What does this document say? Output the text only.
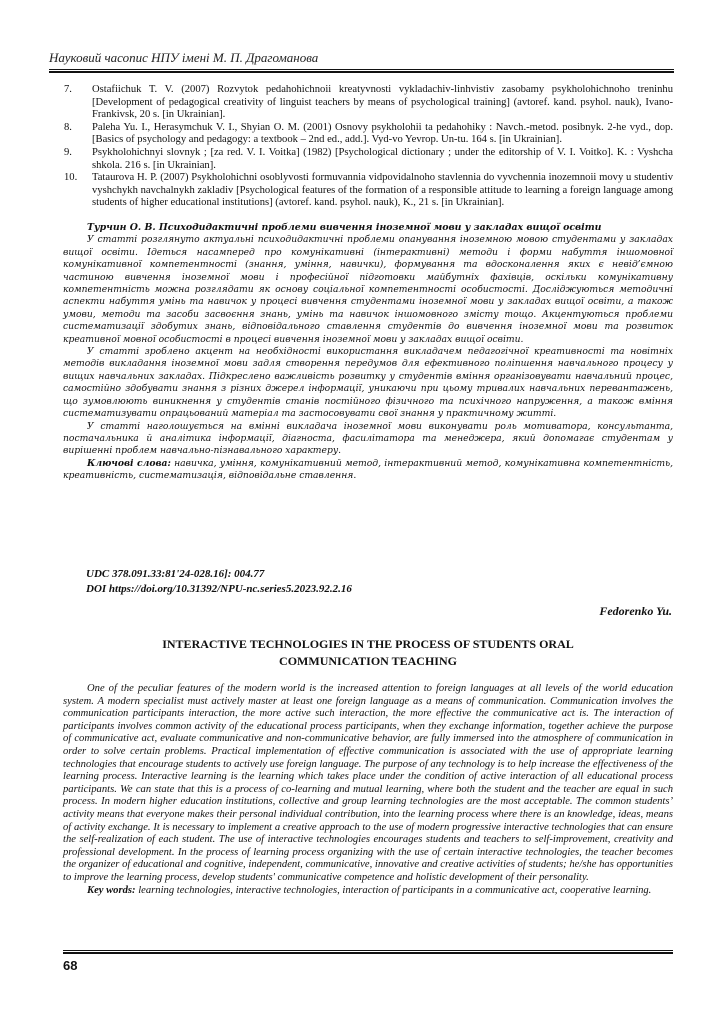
Науковий часопис НПУ імені М. П. Драгоманова
7. Ostafiichuk T. V. (2007) Rozvytok pedahohichnoii kreatyvnosti vykladachiv-linhvistiv zasobamy psykholohichnoho treninhu [Development of pedagogical creativity of linguist teachers by means of psychological training] (avtoref. kand. psyhol. nauk), Ivano-Frankivsk, 20 s. [in Ukrainian].
8. Paleha Yu. I., Herasymchuk V. I., Shyian O. M. (2001) Osnovy psykholohii ta pedahohiky : Navch.-metod. posibnyk. 2-he vyd., dop. [Basics of psychology and pedagogy: a textbook – 2nd ed., add.]. Vyd-vo Yevrop. Un-tu. 164 s. [in Ukrainian].
9. Psykholohichnyi slovnyk ; [za red. V. I. Voitka] (1982) [Psychological dictionary ; under the editorship of V. I. Voitko]. K. : Vyshcha shkola. 216 s. [in Ukrainian].
10. Tataurova H. P. (2007) Psykholohichni osoblyvosti formuvannia vidpovidalnoho stavlennia do vyvchennia inozemnoii movy u studentiv vyshchykh navchalnykh zakladiv [Psychological features of the formation of a responsible attitude to learning a foreign language among students of higher educational institutions] (avtoref. kand. psyhol. nauk), K., 21 s. [in Ukrainian].
Турчин О. В. Психодидактичні проблеми вивчення іноземної мови у закладах вищої освіти

У статті розглянуто актуальні психодидактичні проблеми опанування іноземною мовою студентами у закладах вищої освіти. Ідеться насамперед про комунікативні (інтерактивні) методи і форми набуття іншомовної комунікативної компетентності (знання, уміння, навички), формування та вдосконалення яких є невід’ємною частиною вивчення іноземної мови і професійної підготовки майбутніх фахівців, оскільки комунікативну компетентність можна розглядати як основу соціальної компетентності особистості. Досліджуються методичні аспекти набуття умінь та навичок у процесі вивчення студентами іноземної мови у закладах вищої освіти, а також умови, методи та засоби засвоєння знань, умінь та навичок іншомовного змісту тощо. Акцентуються проблеми систематизації здобутих знань, відповідального ставлення студентів до вивчення іноземної мови та розвиток креативної мовної особистості в процесі вивчення іноземної мови у закладах вищої освіти.

У статті зроблено акцент на необхідності використання викладачем педагогічної креативності та новітніх методів викладання іноземної мови задля створення передумов для ефективного поліпшення навчального процесу у вищих навчальних закладах. Підкреслено важливість розвитку у студентів вміння організовувати навчальний процес, самостійно здобувати знання з різних джерел інформації, уникаючи при цьому тривалих навчальних перевантажень, що зумовлюють виникнення у студентів станів постійного фізичного та психічного напруження, а також вміння систематизувати опрацьований матеріал та застосовувати свої знання у практичному житті.

У статті наголошується на вмінні викладача іноземної мови виконувати роль мотиватора, консультанта, постачальника й аналітика інформації, діагноста, фасилітатора та менеджера, який допомагає студентам у вирішенні проблем навчально-пізнавального характеру.

Ключові слова: навичка, уміння, комунікативний метод, інтерактивний метод, комунікативна компетентність, креативність, систематизація, відповідальне ставлення.

UDC 378.091.33:81'24-028.16]: 004.77
DOI https://doi.org/10.31392/NPU-nc.series5.2023.92.2.16
Fedorenko Yu.
INTERACTIVE TECHNOLOGIES IN THE PROCESS OF STUDENTS ORAL
COMMUNICATION TEACHING

One of the peculiar features of the modern world is the increased attention to foreign languages at all levels of the world education system. A modern specialist must actively master at least one foreign language as a means of communication. Communication involves the communication participants interaction, the more active such interaction, the more effective the communicative act is. The interaction of participants involves common activity of the educational process participants, when they exchange information, together achieve the purpose of communicative act, evaluate communicative and non-communicative behavior, are fully immersed into the atmosphere of communication in order to solve certain problems. Practical implementation of effective communication is associated with the use of appropriate learning technologies that encourage students to actively use foreign language. The purpose of any technology is to help increase the effectiveness of the learning process. Interactive learning is the learning which takes place under the condition of active interaction of all educational process participants. We can state that this is a process of co-learning and mutual learning, where both the student and the teacher are equal in such process. In modern higher education institutions, collective and group learning technologies are the most acceptable. The common students’ activity means that everyone makes their personal individual contribution, into the learning process where there is an knowledge, ideas, means of activity exchange. It is necessary to implement a creative approach to the use of modern progressive interactive technologies that can ensure the self-realization of each student. The use of interactive technologies encourages students and teachers to self-improvement, creativity and professional development. In the process of learning process organizing with the use of certain interactive technologies, the teacher becomes the organizer of educational and cognitive, independent, communicative, innovative and creative activities of students; he/she has opportunities to improve the learning process, develop students' communicative competence and holistic development of their personality.

Key words: learning technologies, interactive technologies, interaction of participants in a communicative act, cooperative learning.

68
